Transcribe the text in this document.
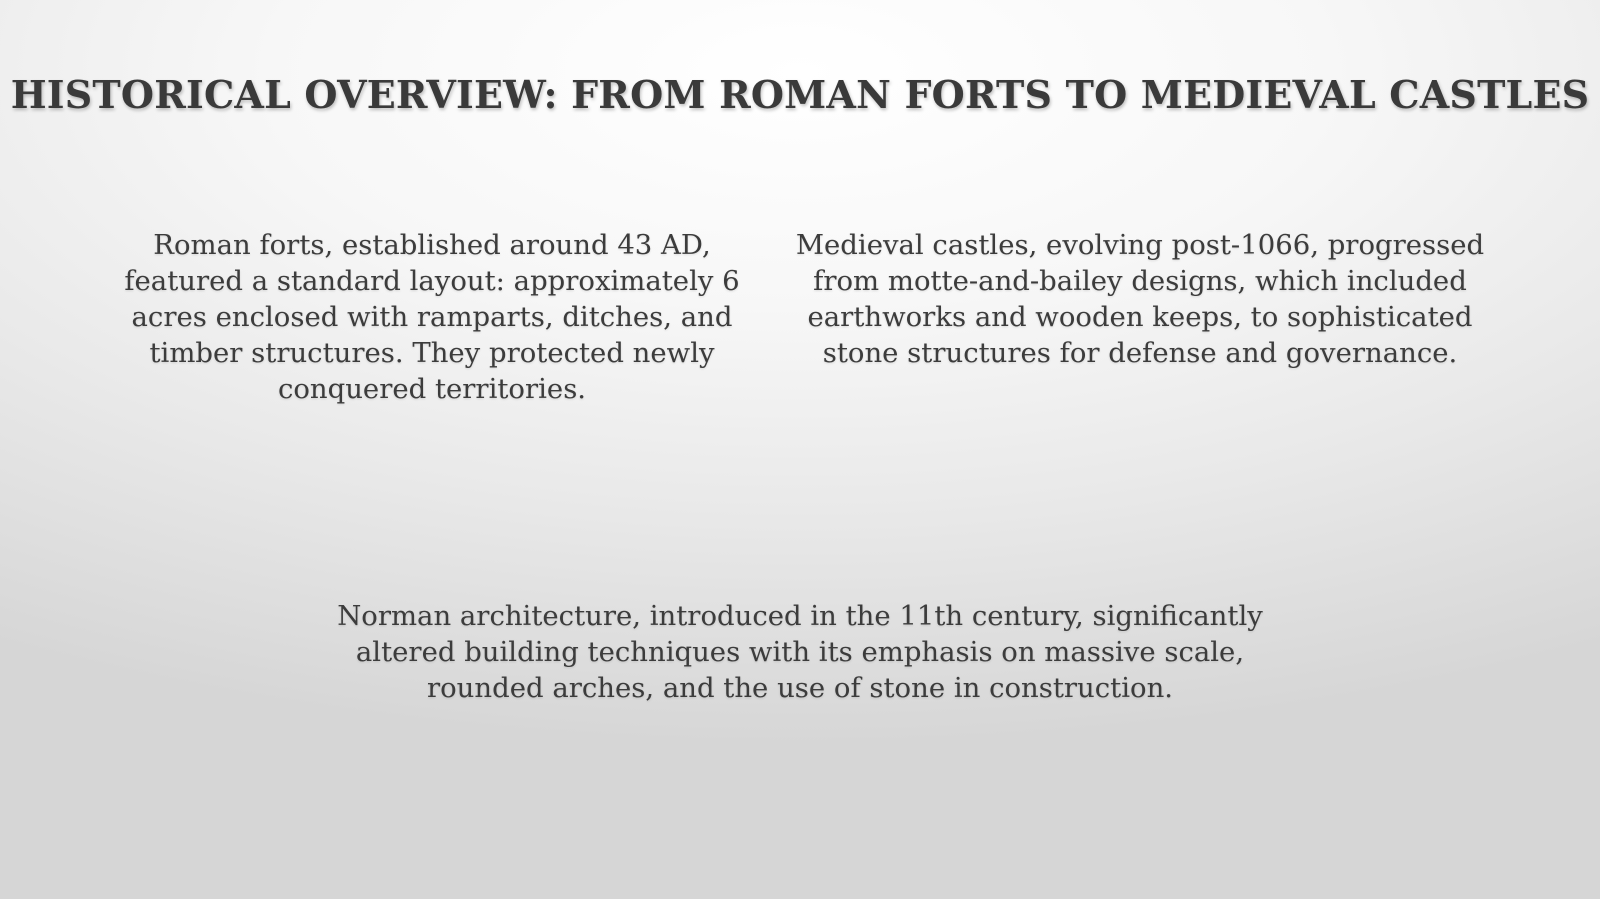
HISTORICAL OVERVIEW: FROM ROMAN FORTS TO MEDIEVAL CASTLES

Roman forts, established around 43 AD, featured a standard layout: approximately 6 acres enclosed with ramparts, ditches, and timber structures. They protected newly conquered territories.

Medieval castles, evolving post-1066, progressed from motte-and-bailey designs, which included earthworks and wooden keeps, to sophisticated stone structures for defense and governance.

Norman architecture, introduced in the 11th century, significantly altered building techniques with its emphasis on massive scale, rounded arches, and the use of stone in construction.
